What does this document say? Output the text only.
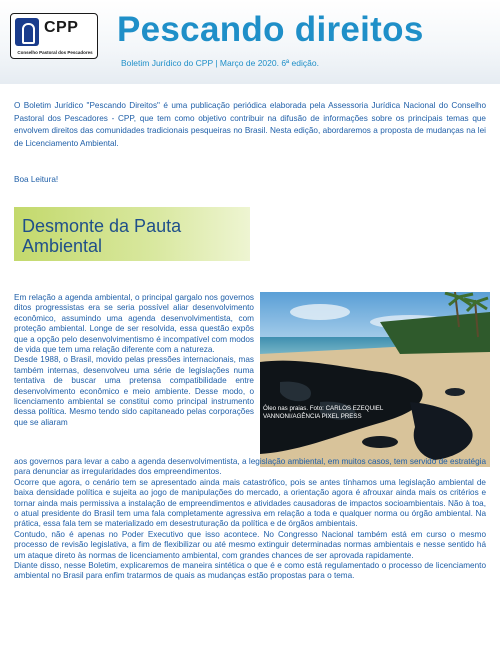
CPP
Conselho Pastoral dos Pescadores
Pescando direitos
Boletim Jurídico do CPP | Março de 2020. 6ª edição.

O Boletim Jurídico "Pescando Direitos" é uma publicação periódica elaborada pela Assessoria Jurídica Nacional do Conselho Pastoral dos Pescadores - CPP, que tem como objetivo contribuir na difusão de informações sobre os principais temas que envolvem direitos das comunidades tradicionais pesqueiras no Brasil. Nesta edição, abordaremos a proposta de mudanças na lei de Licenciamento Ambiental.

Boa Leitura!
Desmonte da Pauta Ambiental
Óleo nas praias. Foto: CARLOS EZEQUIEL VANNONI/AGÊNCIA PIXEL PRESS

Em relação a agenda ambiental, o principal gargalo nos governos ditos progressistas era se seria possível aliar desenvolvimento econômico, assumindo uma agenda desenvolvimentista, com proteção ambiental. Longe de ser resolvida, essa questão expôs que a opção pelo desenvolvimentismo é incompatível com modos de vida que tem uma relação diferente com a natureza.

Desde 1988, o Brasil, movido pelas pressões internacionais, mas também internas, desenvolveu uma série de legislações numa tentativa de buscar uma pretensa compatibilidade entre desenvolvimento econômico e meio ambiente. Desse modo, o licenciamento ambiental se constitui como principal instrumento dessa política. Mesmo tendo sido capitaneado pelas corporações que se aliaram

aos governos para levar a cabo a agenda desenvolvimentista, a legislação ambiental, em muitos casos, tem servido de estratégia para denunciar as irregularidades dos empreendimentos.

Ocorre que agora, o cenário tem se apresentado ainda mais catastrófico, pois se antes tínhamos uma legislação ambiental de baixa densidade política e sujeita ao jogo de manipulações do mercado, a orientação agora é afrouxar ainda mais os critérios e tornar ainda mais permissiva a instalação de empreendimentos e atividades causadoras de impactos socioambientais. Não à toa, o atual presidente do Brasil tem uma fala completamente agressiva em relação a toda e qualquer norma ou órgão ambiental. Na prática, essa fala tem se materializado em desestruturação da política e de órgãos ambientais.

Contudo, não é apenas no Poder Executivo que isso acontece. No Congresso Nacional também está em curso o mesmo processo de revisão legislativa, a fim de flexibilizar ou até mesmo extinguir determinadas normas ambientais e nesse sentido há um ataque direto às normas de licenciamento ambiental, com grandes chances de ser aprovada rapidamente.

Diante disso, nesse Boletim, explicaremos de maneira sintética o que é e como está regulamentado o processo de licenciamento ambiental no Brasil para enfim tratarmos de quais as mudanças estão propostas para o tema.
